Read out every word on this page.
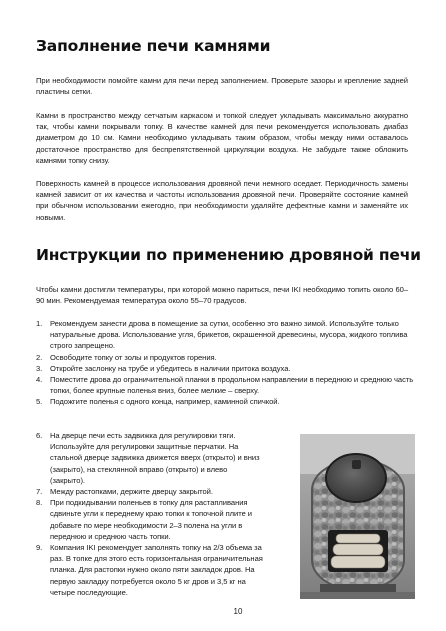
Заполнение печи камнями

При необходимости помойте камни для печи перед заполнением. Проверьте зазоры и крепление задней пластины сетки.

Камни в пространство между сетчатым каркасом и топкой следует укладывать максимально аккуратно так, чтобы камни покрывали топку. В качестве камней для печи рекомендуется использовать диабаз диаметром до 10 см. Камни необходимо укладывать таким образом, чтобы между ними оставалось достаточное пространство для беспрепятственной циркуляции воздуха. Не забудьте также обложить камнями топку снизу.

Поверхность камней в процессе использования дровяной печи немного оседает. Периодичность замены камней зависит от их качества и частоты использования дровяной печи. Проверяйте состояние камней при обычном использовании ежегодно, при необходимости удаляйте дефектные камни и заменяйте их новыми.

Инструкции по применению дровяной печи

Чтобы камни достигли температуры, при которой можно париться, печи IKI необходимо топить около 60–90 мин. Рекомендуемая температура около 55–70 градусов.

1. Рекомендуем занести дрова в помещение за сутки, особенно это важно зимой. Используйте только натуральные дрова. Использование угля, брикетов, окрашенной древесины, мусора, жидкого топлива строго запрещено.
2. Освободите топку от золы и продуктов горения.
3. Откройте заслонку на трубе и убедитесь в наличии притока воздуха.
4. Поместите дрова до ограничительной планки в продольном направлении в переднюю и среднюю часть топки, более крупные поленья вниз, более мелкие – сверху.
5. Подожгите поленья с одного конца, например, каминной спичкой.
6. На дверце печи есть задвижка для регулировки тяги. Используйте для регулировки защитные перчатки. На стальной дверце задвижка движется вверх (открыто) и вниз (закрыто), на стеклянной вправо (открыто) и влево (закрыто).
7. Между растопками, держите дверцу закрытой.
8. При подкидывании поленьев в топку для растапливания сдвиньте угли к переднему краю топки к топочной плите и добавьте по мере необходимости 2–3 полена на угли в переднюю и среднюю часть топки.
9. Компания IKI рекомендует заполнять топку на 2/3 объема за раз. В топке для этого есть горизонтальная ограничительная планка. Для растопки нужно около пяти закладок дров. На первую закладку потребуется около 5 кг дров и 3,5 кг на четыре последующие.
10
